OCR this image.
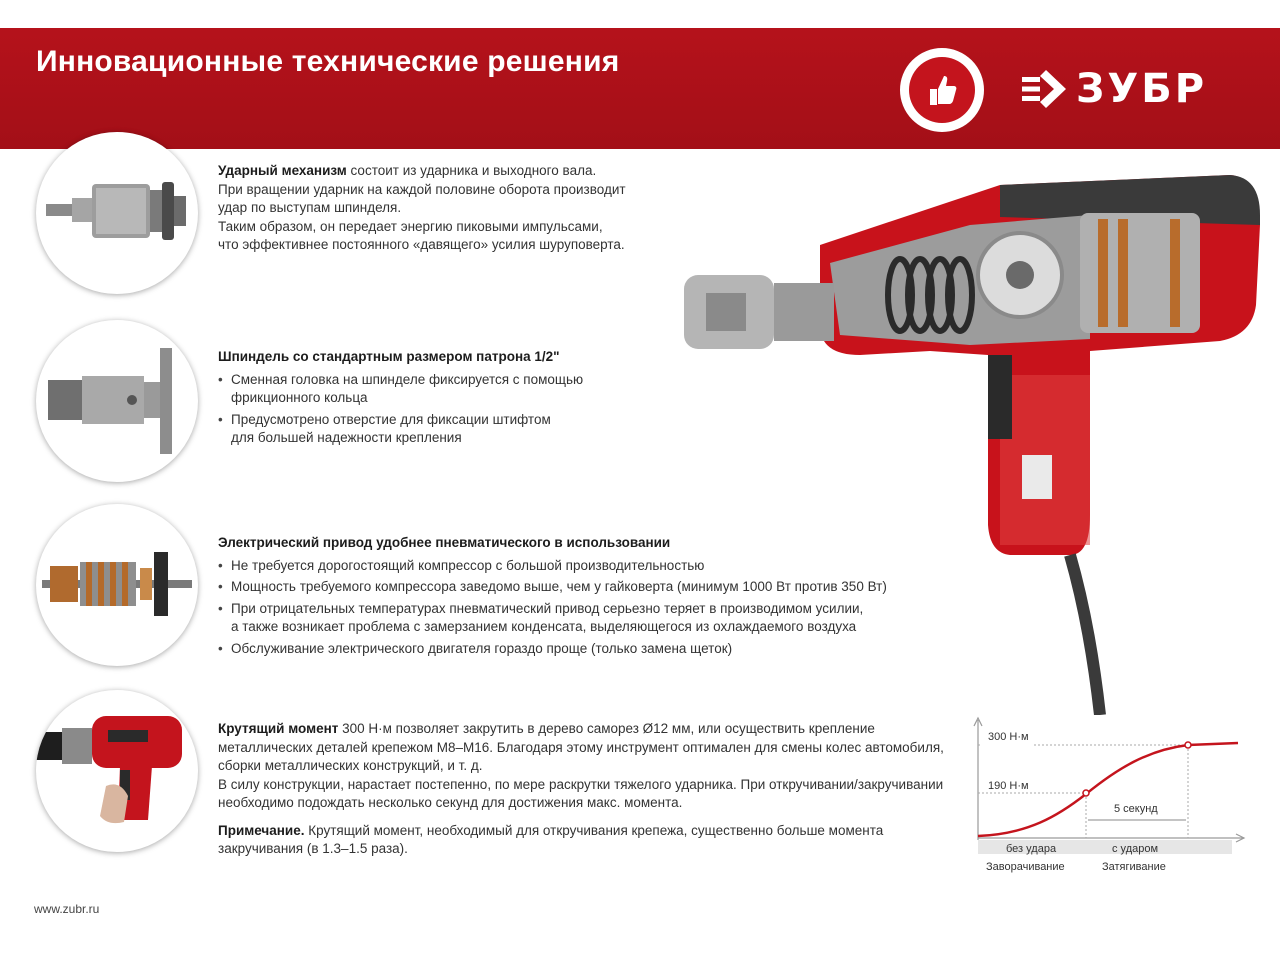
Инновационные технические решения
ЗУБР
Ударный механизм состоит из ударника и выходного вала.
При вращении ударник на каждой половине оборота производит
удар по выступам шпинделя.
Таким образом, он передает энергию пиковыми импульсами,
что эффективнее постоянного «давящего» усилия шуруповерта.
Шпиндель со стандартным размером патрона 1/2"
• Сменная головка на шпинделе фиксируется с помощью
фрикционного кольца
• Предусмотрено отверстие для фиксации штифтом
для большей надежности крепления
Электрический привод удобнее пневматического в использовании
• Не требуется дорогостоящий компрессор с большой производительностью
• Мощность требуемого компрессора заведомо выше, чем у гайковерта (минимум 1000 Вт против 350 Вт)
• При отрицательных температурах пневматический привод серьезно теряет в производимом усилии,
а также возникает проблема с замерзанием конденсата, выделяющегося из охлаждаемого воздуха
• Обслуживание электрического двигателя гораздо проще (только замена щеток)
Крутящий момент 300 Н·м позволяет закрутить в дерево саморез Ø12 мм, или осуществить крепление
металлических деталей крепежом М8–М16. Благодаря этому инструмент оптимален для смены колес автомобиля,
сборки металлических конструкций, и т. д.
В силу конструкции, нарастает постепенно, по мере раскрутки тяжелого ударника. При откручивании/закручивании
необходимо подождать несколько секунд для достижения макс. момента.
Примечание. Крутящий момент, необходимый для откручивания крепежа, существенно больше момента
закручивания (в 1.3–1.5 раза).
300 Н·м
190 Н·м
5 секунд
без удара	с ударом
Заворачивание	Затягивание
www.zubr.ru
